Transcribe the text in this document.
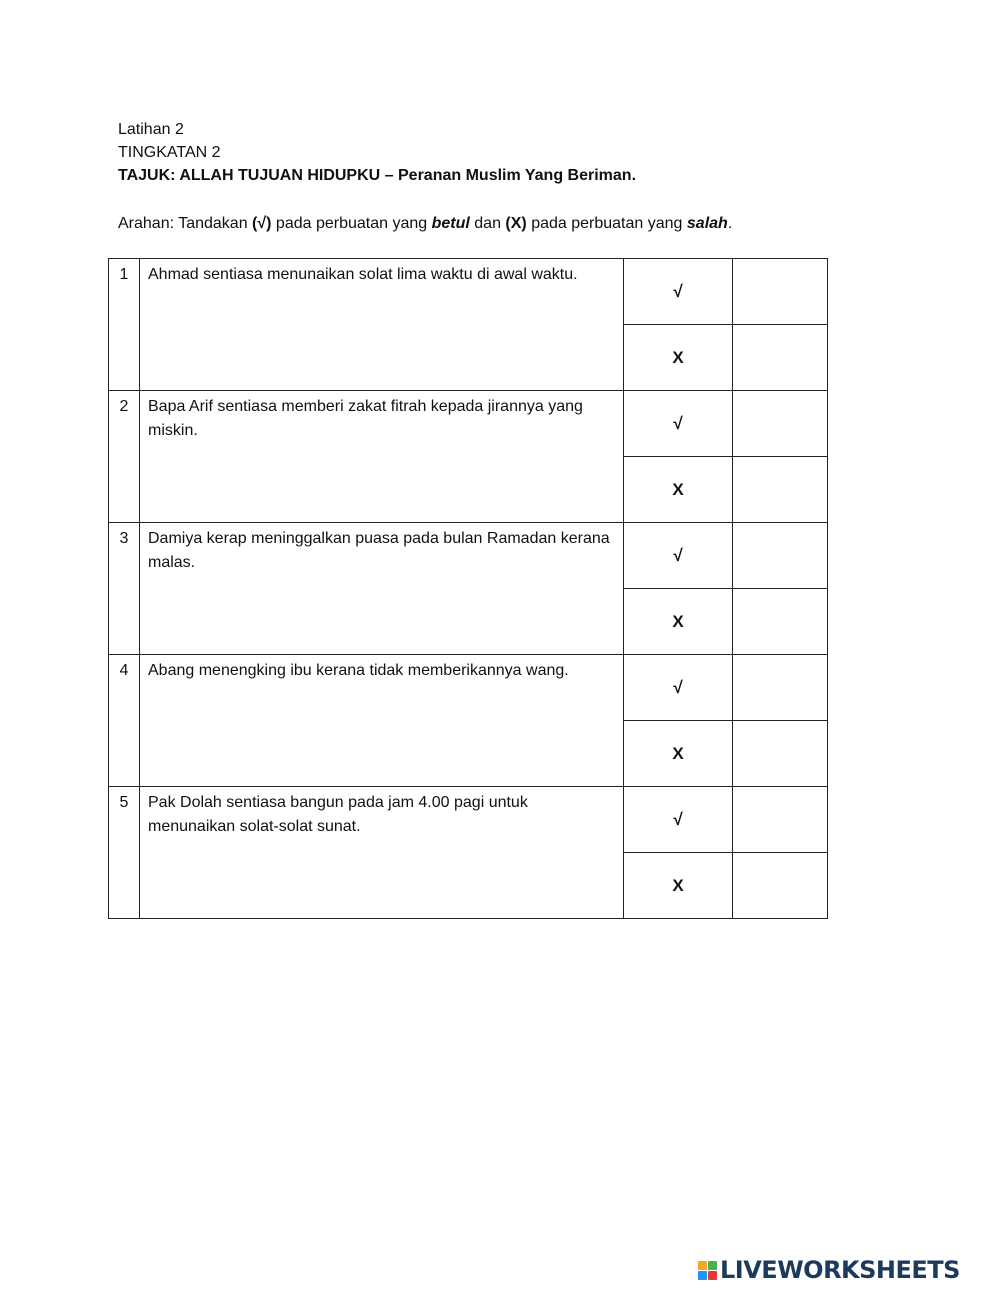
Latihan 2
TINGKATAN 2
TAJUK: ALLAH TUJUAN HIDUPKU – Peranan Muslim Yang Beriman.
Arahan: Tandakan (√) pada perbuatan yang betul dan (X) pada perbuatan yang salah.
1	Ahmad sentiasa menunaikan solat lima waktu di awal waktu.	√	
		X	
2	Bapa Arif sentiasa memberi zakat fitrah kepada jirannya yang miskin.	√	
		X	
3	Damiya kerap meninggalkan puasa pada bulan Ramadan kerana malas.	√	
		X	
4	Abang menengking ibu kerana tidak memberikannya wang.	√	
		X	
5	Pak Dolah sentiasa bangun pada jam 4.00 pagi untuk menunaikan solat-solat sunat.	√	
		X	
LIVEWORKSHEETS
